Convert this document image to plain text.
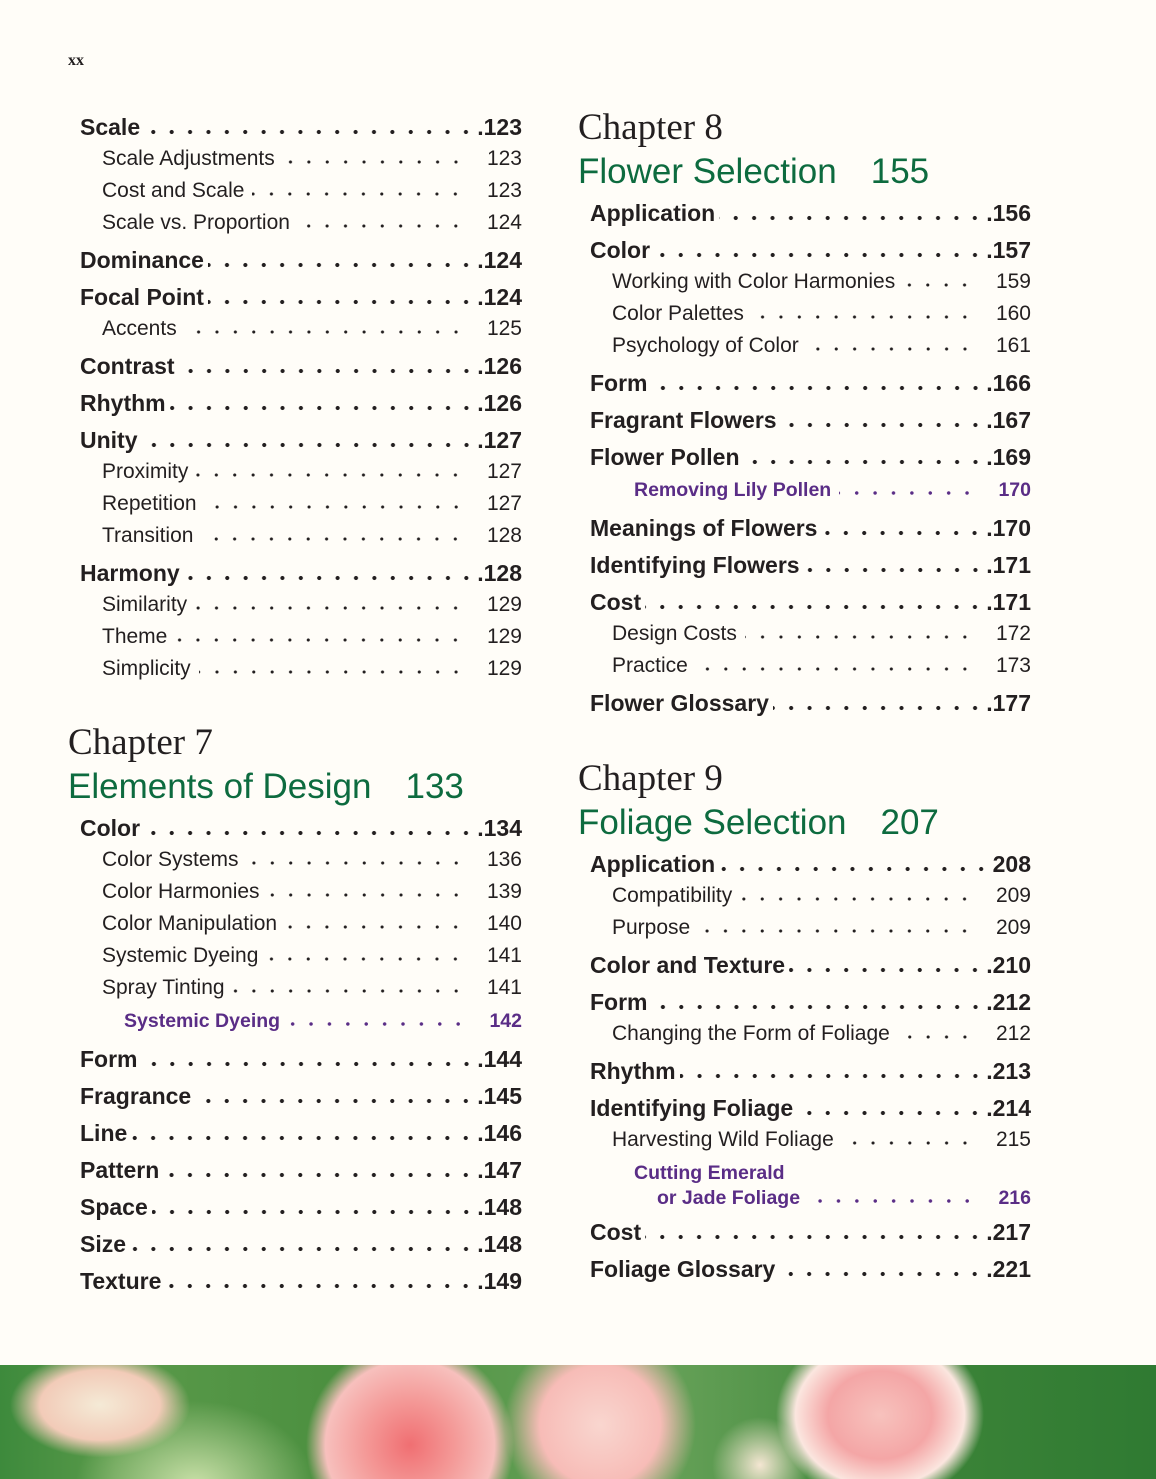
xx
Scale	.123
Scale Adjustments	123
Cost and Scale	123
Scale vs. Proportion	124
Dominance	.124
Focal Point	.124
Accents	125
Contrast	.126
Rhythm	.126
Unity	.127
Proximity	127
Repetition	127
Transition	128
Harmony	.128
Similarity	129
Theme	129
Simplicity	129
Chapter 7
Elements of Design 133
Color	.134
Color Systems	136
Color Harmonies	139
Color Manipulation	140
Systemic Dyeing	141
Spray Tinting	141
Systemic Dyeing	142
Form	.144
Fragrance	.145
Line	.146
Pattern	.147
Space	.148
Size	.148
Texture	.149
Chapter 8
Flower Selection 155
Application	.156
Color	.157
Working with Color Harmonies	159
Color Palettes	160
Psychology of Color	161
Form	.166
Fragrant Flowers	.167
Flower Pollen	.169
Removing Lily Pollen	170
Meanings of Flowers	.170
Identifying Flowers	.171
Cost	.171
Design Costs	172
Practice	173
Flower Glossary	.177
Chapter 9
Foliage Selection 207
Application	208
Compatibility	209
Purpose	209
Color and Texture	.210
Form	.212
Changing the Form of Foliage	212
Rhythm	.213
Identifying Foliage	.214
Harvesting Wild Foliage	215
Cutting Emerald
or Jade Foliage	216
Cost	.217
Foliage Glossary	.221
